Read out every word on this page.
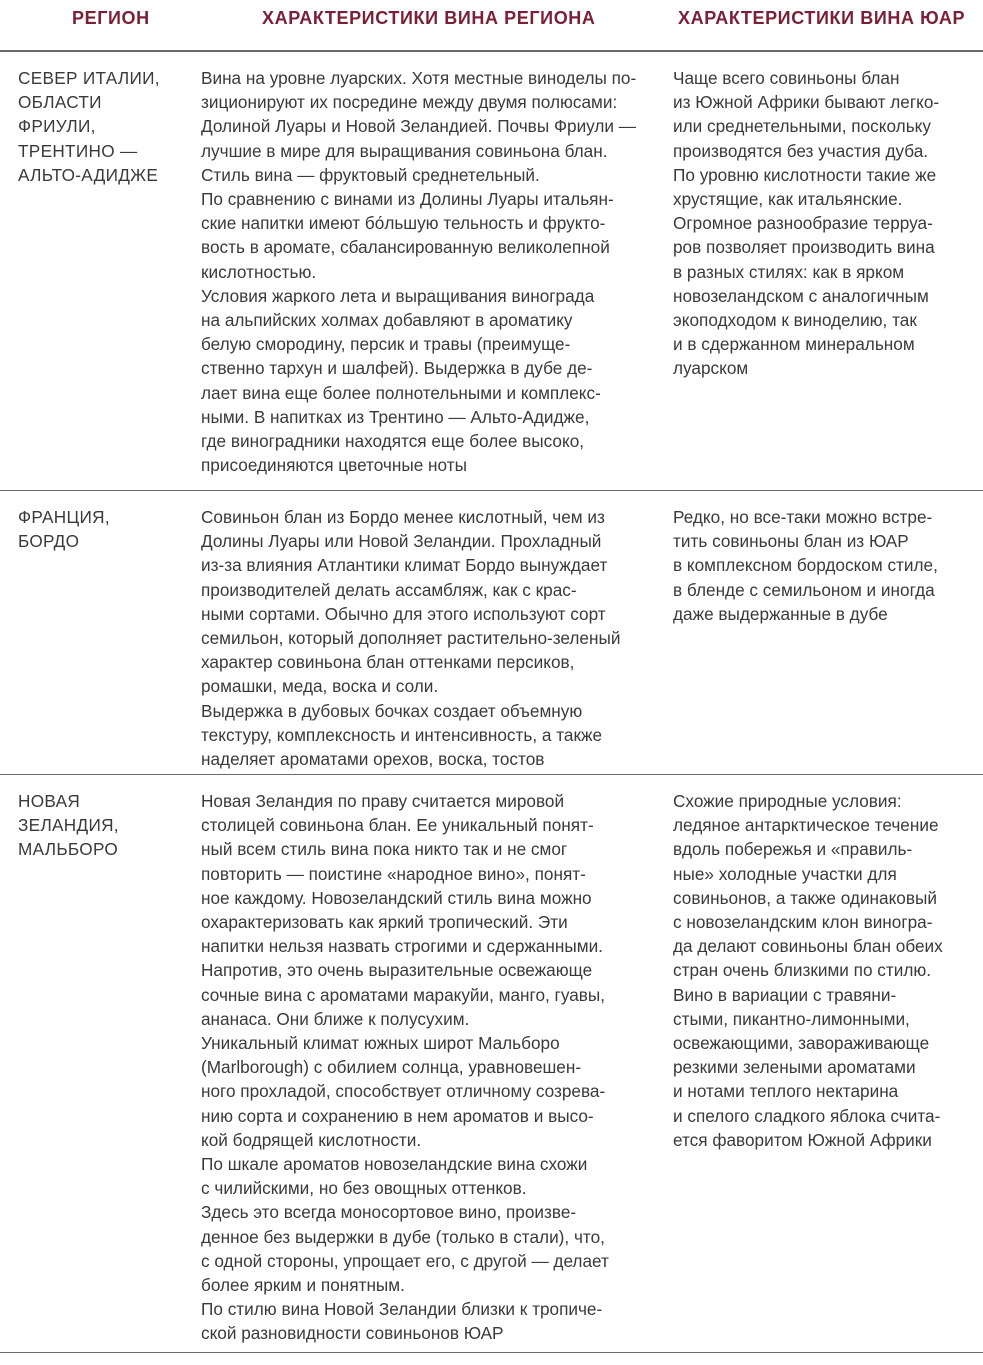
РЕГИОН	ХАРАКТЕРИСТИКИ ВИНА РЕГИОНА	ХАРАКТЕРИСТИКИ ВИНА ЮАР
СЕВЕР ИТАЛИИ,
ОБЛАСТИ
ФРИУЛИ,
ТРЕНТИНО —
АЛЬТО-АДИДЖЕ
Вина на уровне луарских. Хотя местные виноделы по-
зиционируют их посредине между двумя полюсами:
Долиной Луары и Новой Зеландией. Почвы Фриули —
лучшие в мире для выращивания совиньона блан.
Стиль вина — фруктовый среднетельный.
По сравнению с винами из Долины Луары итальян-
ские напитки имеют бо́льшую тельность и фрукто-
вость в аромате, сбалансированную великолепной
кислотностью.
Условия жаркого лета и выращивания винограда
на альпийских холмах добавляют в ароматику
белую смородину, персик и травы (преимуще-
ственно тархун и шалфей). Выдержка в дубе де-
лает вина еще более полнотельными и комплекс-
ными. В напитках из Трентино — Альто-Адидже,
где виноградники находятся еще более высоко,
присоединяются цветочные ноты
Чаще всего совиньоны блан
из Южной Африки бывают легко-
или среднетельными, поскольку
производятся без участия дуба.
По уровню кислотности такие же
хрустящие, как итальянские.
Огромное разнообразие терруа-
ров позволяет производить вина
в разных стилях: как в ярком
новозеландском с аналогичным
экоподходом к виноделию, так
и в сдержанном минеральном
луарском
ФРАНЦИЯ,
БОРДО
Совиньон блан из Бордо менее кислотный, чем из
Долины Луары или Новой Зеландии. Прохладный
из-за влияния Атлантики климат Бордо вынуждает
производителей делать ассамбляж, как с крас-
ными сортами. Обычно для этого используют сорт
семильон, который дополняет растительно-зеленый
характер совиньона блан оттенками персиков,
ромашки, меда, воска и соли.
Выдержка в дубовых бочках создает объемную
текстуру, комплексность и интенсивность, а также
наделяет ароматами орехов, воска, тостов
Редко, но все-таки можно встре-
тить совиньоны блан из ЮАР
в комплексном бордоском стиле,
в бленде с семильоном и иногда
даже выдержанные в дубе
НОВАЯ
ЗЕЛАНДИЯ,
МАЛЬБОРО
Новая Зеландия по праву считается мировой
столицей совиньона блан. Ее уникальный понят-
ный всем стиль вина пока никто так и не смог
повторить — поистине «народное вино», понят-
ное каждому. Новозеландский стиль вина можно
охарактеризовать как яркий тропический. Эти
напитки нельзя назвать строгими и сдержанными.
Напротив, это очень выразительные освежающе
сочные вина с ароматами маракуйи, манго, гуавы,
ананаса. Они ближе к полусухим.
Уникальный климат южных широт Мальборо
(Marlborough) с обилием солнца, уравновешен-
ного прохладой, способствует отличному созрева-
нию сорта и сохранению в нем ароматов и высо-
кой бодрящей кислотности.
По шкале ароматов новозеландские вина схожи
с чилийскими, но без овощных оттенков.
Здесь это всегда моносортовое вино, произве-
денное без выдержки в дубе (только в стали), что,
с одной стороны, упрощает его, с другой — делает
более ярким и понятным.
По стилю вина Новой Зеландии близки к тропиче-
ской разновидности совиньонов ЮАР
Схожие природные условия:
ледяное антарктическое течение
вдоль побережья и «правиль-
ные» холодные участки для
совиньонов, а также одинаковый
с новозеландским клон виногра-
да делают совиньоны блан обеих
стран очень близкими по стилю.
Вино в вариации с травяни-
стыми, пикантно-лимонными,
освежающими, завораживающе
резкими зелеными ароматами
и нотами теплого нектарина
и спелого сладкого яблока счита-
ется фаворитом Южной Африки
